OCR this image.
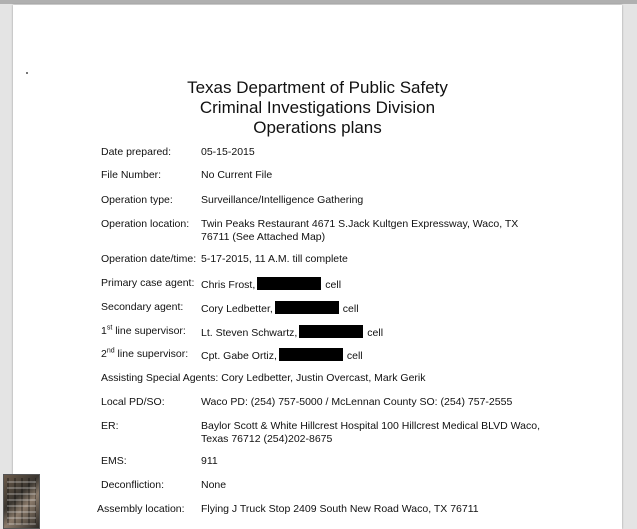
Texas Department of Public Safety
Criminal Investigations Division
Operations plans
Date prepared:	05-15-2015
File Number:	No Current File
Operation type:	Surveillance/Intelligence Gathering
Operation location: Twin Peaks Restaurant 4671 S.Jack Kultgen Expressway, Waco, TX 76711 (See Attached Map)
Operation date/time: 5-17-2015, 11 A.M. till complete
Primary case agent: Chris Frost,	cell
Secondary agent: Cory Ledbetter,	cell
1st line supervisor: Lt. Steven Schwartz,	cell
2nd line supervisor: Cpt. Gabe Ortiz,	cell
Assisting Special Agents: Cory Ledbetter, Justin Overcast, Mark Gerik
Local PD/SO:	Waco PD: (254) 757-5000 / McLennan County SO: (254) 757-2555
ER:	Baylor Scott & White Hillcrest Hospital 100 Hillcrest Medical BLVD Waco, Texas 76712 (254)202-8675
EMS:	911
Deconfliction:	None
Assembly location: Flying J Truck Stop 2409 South New Road Waco, TX 76711
